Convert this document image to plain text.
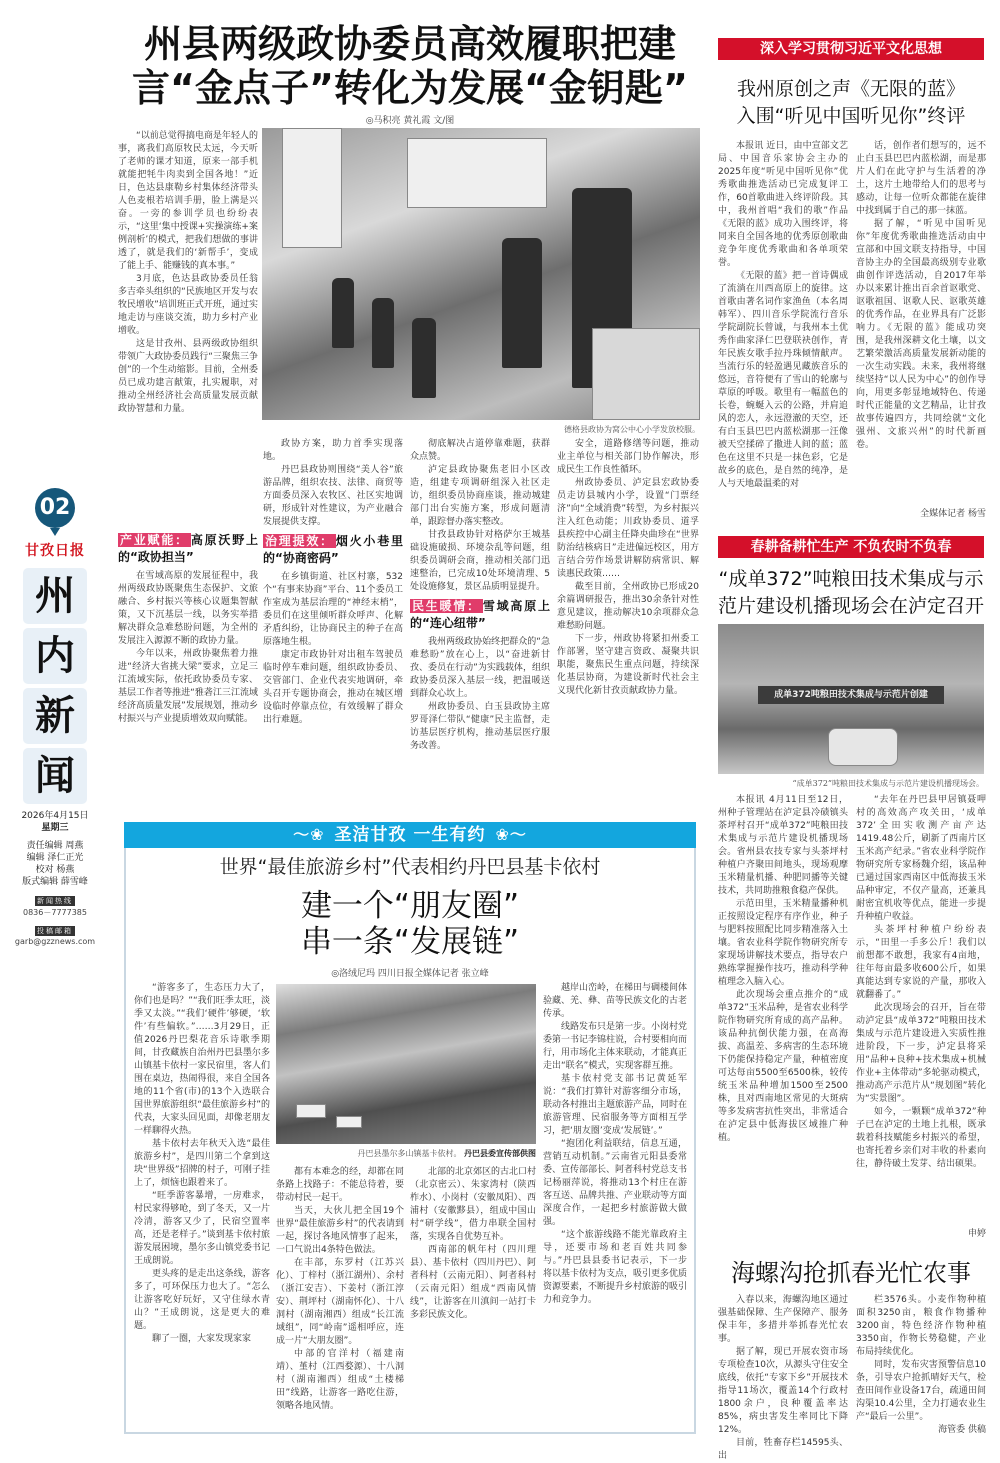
02
甘孜日报
州
内
新
闻
2026年4月15日
星期三
责任编辑 周燕
编辑 泽仁正光
校对 杨燕
版式编辑 薛雪峰
新闻热线
0836－7777385
投稿邮箱
garb@gzznews.com
州县两级政协委员高效履职把建
言“金点子”转化为发展“金钥匙”
◎马积亮 黄礼霞 文/图

“以前总觉得搞电商是年轻人的事，离我们高原牧民太远，今天听了老师的课才知道，原来一部手机就能把牦牛肉卖到全国各地！”近日，色达县康勒乡村集体经济带头人色麦根若培训手册，脸上满是兴奋。一旁的参训学员也纷纷表示，“这里‘集中授课+实操演练+案例剖析’的模式，把我们想做的事讲透了，就是我们的‘新帮手’，变成了能上手、能赚钱的真本事。”

3月底，色达县政协委员任翁多吉牵头组织的“民族地区开发与农牧民增收”培训班正式开班，通过实地走访与座谈交流，助力乡村产业增收。

这是甘孜州、县两级政协组织带领广大政协委员践行“三聚焦三争创”的一个生动缩影。目前，全州委员已成功建言献策，扎实履职，对推动全州经济社会高质量发展贡献政协智慧和力量。

产业赋能： 高原沃野上的“政协担当”

在雪域高原的发展征程中，我州两级政协既聚焦生态保护、文旅融合、乡村振兴等核心议题集智献策，又下沉基层一线，以务实举措解决群众急难愁盼问题，为全州的发展注入源源不断的政协力量。

今年以来，州政协聚焦着力推进“经济大省挑大梁”要求，立足三江流域实际，依托政协委员专家、基层工作者等推进“雅砻江三江流域经济高质量发展”发展规划，推动乡村振兴与产业提质增效双向赋能。

德格县政协为窝公中心小学发放校服。

政协方案，助力首季实现落地。

丹巴县政协则围绕“美人谷”旅游品牌，组织农技、法律、商贸等方面委员深入农牧区、社区实地调研，形成针对性建议，为产业融合发展提供支撑。

治理提效： 烟火小巷里的“协商密码”

在乡镇街道、社区村寨，532个“有事来协商”平台、11个委员工作室成为基层治理的“神经末梢”，委员们在这里倾听群众呼声、化解矛盾纠纷，让协商民主的种子在高原落地生根。

康定市政协针对出租车驾驶员临时停车难问题，组织政协委员、交管部门、企业代表实地调研，牵头召开专题协商会，推动在城区增设临时停靠点位，有效缓解了群众出行难题。

彻底解决占道停靠难题，获群众点赞。

泸定县政协聚焦老旧小区改造，组建专项调研组深入社区走访，组织委员协商座谈，推动城建部门出台实施方案，形成问题清单，跟踪督办落实整改。

甘孜县政协针对格萨尔王城基础设施破损、环境杂乱等问题，组织委员调研会商，推动相关部门迅速整治，已完成10处环境清理、5处设施修复，景区品质明显提升。

民生暖情： 雪域高原上的“连心纽带”

我州两级政协始终把群众的“急难愁盼”放在心上，以“奋进新甘孜、委员在行动”为实践载体，组织政协委员深入基层一线，把温暖送到群众心坎上。

州政协委员、白玉县政协主席罗哥泽仁带队“健康”民主监督，走访基层医疗机构，推动基层医疗服务改善。

安全，道路修缮等问题，推动业主单位与相关部门协作解决，形成民生工作良性循环。

州政协委员、泸定县宏政协委员走访县城内小学，设置“门票经济”向“全域消费”转型，为乡村振兴注入红色动能；川政协委员、道孚县疾控中心副主任降央曲珍在“世界防治结核病日”走进偏远校区，用方言结合劳作场景讲解防病常识、解读惠民政策……

截至目前，全州政协已形成20余篇调研报告，推出30余条针对性意见建议，推动解决10余项群众急难愁盼问题。

下一步，州政协将紧扣州委工作部署，坚守建言资政、凝聚共识职能，聚焦民生重点问题，持续深化基层协商，为建设新时代社会主义现代化新甘孜贡献政协力量。

深入学习贯彻习近平文化思想
我州原创之声《无限的蓝》
入围“听见中国听见你”终评

本报讯 近日，由中宣部文艺局、中国音乐家协会主办的2025年度“听见中国听见你”优秀歌曲推选活动已完成复评工作，60首歌曲进入终评阶段。其中，我州首唱“我们的歌”作品《无限的蓝》成功入围终评，将同来自全国各地的优秀原创歌曲竞争年度优秀歌曲和各单项荣誉。

《无限的蓝》把一首诗偶成了流淌在川西高原上的旋律。这首歌由著名词作家渔鱼（本名周韩军）、四川音乐学院流行音乐学院副院长曾诚，与我州本土优秀作曲家泽仁巴登联袂创作，青年民族女歌手拉丹珠倾情献声。当流行乐的轻盈遇见藏族音乐的悠远，音符便有了雪山的轮廓与草原的呼吸。歌里有一幅蓝色的长卷，蜿蜒入云的公路，并肩追风的恋人，永远澄澈的天空，还有白玉县巴巴内蓝松湖那一汪像被天空揉碎了撒进人间的蓝；蓝色在这里不只是一抹色彩，它是故乡的底色，是自然的纯净，是人与天地最温柔的对

话，创作者们想写的，远不止白玉县巴巴内蓝松湖，而是那片人们在此守护与生活着的净土，这片土地带给人们的思考与感动，让每一位听众都能在旋律中找到属于自己的那一抹蓝。

据了解，“听见中国听见你”年度优秀歌曲推选活动由中宣部和中国文联支持指导，中国音协主办的全国最高级别专业歌曲创作评选活动，自2017年举办以来累计推出百余首讴歌党、讴歌祖国、讴歌人民、讴歌英雄的优秀作品，在业界具有广泛影响力。《无限的蓝》能成功突围，是我州深耕文化土壤，以文艺繁荣激活高质量发展新动能的一次生动实践。未来，我州将继续坚持“以人民为中心”的创作导向，用更多彰显地域特色、传递时代正能量的文艺精品，让甘孜故事传遍四方，共同绘就“文化强州、文旅兴州”的时代新画卷。

全媒体记者 杨雪
春耕备耕忙生产 不负农时不负春
“成单372”吨粮田技术集成与示
范片建设机播现场会在泸定召开
成单372吨粮田技术集成与示范片创建
“成单372”吨粮田技术集成与示范片建设机播现场会。

本报讯 4月11日至12日，州种子管理站在泸定县冷碛镇头茶坪村召开“成单372”吨粮田技术集成与示范片建设机播现场会。省州县农技专家与头茶坪村种植户齐聚田间地头，现场观摩玉米精量机播、种肥同播等关键技术，共同助推粮食稳产保供。

示范田里，玉米精量播种机正按照设定程序有序作业，种子与肥料按照配比同步精准落入土壤。省农业科学院作物研究所专家现场讲解技术要点，指导农户熟练掌握操作技巧，推动科学种植理念入脑入心。

此次现场会重点推介的“成单372”玉米品种，是省农业科学院作物研究所育成的高产品种。该品种抗倒伏能力强，在高海拔、高温差、多病害的生态环境下仍能保持稳定产量，种植密度可达每亩5500至6500株，较传统玉米品种增加1500至2500株，且对西南地区常见的大斑病等多发病害抗性突出，非常适合在泸定县中低海拔区域推广种植。

“去年在丹巴县甲居镇聂呷村的高效高产攻关田，‘成单372’全田实收测产亩产达1419.48公斤，刷新了西南片区玉米高产纪录。”省农业科学院作物研究所专家杨魏介绍，该品种已通过国家西南区中低海拔玉米品种审定，不仅产量高，还兼具耐密宜机收等优点，能进一步提升种植户收益。

头茶坪村种植户纷纷表示，“田里一手多公斤！我们以前想都不敢想，我家有4亩地，往年每亩最多收600公斤，如果真能达到专家说的产量，那收入就翻番了。”

此次现场会的召开，旨在带动泸定县“成单372”吨粮田技术集成与示范片建设进入实质性推进阶段，下一步，泸定县将采用“品种+良种+技术集成+机械作业+主体带动”多轮驱动模式，推动高产示范片从“规划图”转化为“实景图”。

如今，一颗颗“成单372”种子已在泸定的土地上扎根，既承载着科技赋能乡村振兴的希望，也寄托着乡亲们对丰收的朴素向往，静待破土发芽、结出硕果。

申婷
海螺沟抢抓春光忙农事

入春以来，海螺沟地区通过强基础保障、生产保障产、服务保丰年，多措并举抓春光忙农事。

据了解，现已开展农资市场专项检查10次，从源头守住安全底线，依托“专家下乡”开展技术指导11场次，覆盖14个行政村1800余户，良种覆盖率达85%，病虫害发生率同比下降12%。

目前，牲畜存栏14595头、出

栏3576头。小麦作物种植面积3250亩，粮食作物播种3200亩，特色经济作物种植3350亩，作物长势稳健，产业布局持续优化。

同时，发布灾害预警信息10条，引导农户抢抓晴好天气，检查田间作业设备17台，疏通田间沟渠10.4公里，全力打通农业生产“最后一公里”。

海管委 供稿
〜❀ 圣洁甘孜 一生有约 ❀〜
世界“最佳旅游乡村”代表相约丹巴县基卡依村
建一个“朋友圈”
串一条“发展链”
◎洛绒尼玛 四川日报全媒体记者 张立峰

“游客多了，生态压力大了，你们也是吗？”“我们旺季太旺，淡季又太淡。”“我们‘硬件’够硬，‘软件’有些偏软。”……3月29日，正值2026丹巴梨花音乐诗歌季期间，甘孜藏族自治州丹巴县墨尔多山镇基卡依村一家民宿里，客人们围在桌边，热闹得很，来自全国各地的11个省(市)的13个入选联合国世界旅游组织“最佳旅游乡村”的代表，大家头回见面，却像老朋友一样聊得火热。

基卡依村去年秋天入选“最佳旅游乡村”，是四川第二个拿到这块“世界级”招牌的村子，可刚子挂上了，烦恼也跟着来了。

“旺季游客暴增，一房难求，村民家得够呛，到了冬天，又一片冷清，游客又少了，民宿空置率高，还是老样子。”谈到基卡依村旅游发展困境，墨尔多山镇党委书记王成朗说。

更头疼的是走出这条线，游客多了，可环保压力也大了。“怎么让游客吃好玩好，又守住绿水青山？”王成朗说，这是更大的难题。

聊了一圈，大家发现家家

丹巴县墨尔多山镇基卡依村。 丹巴县委宣传部供图

都有本难念的经，却都在同条路上找路子：不能总待着，要带动村民一起干。

当天，大伙儿把全国19个世界“最佳旅游乡村”的代表请到一起，探讨各地风情事了起来，一口气说出4条特色做法。

在丰部，东罗村（江苏兴化）、丁梓村（浙江湖州）、余村（浙江安吉）、下姜村（浙江淳安）、荆坪村（湖南怀化）、十八洞村（湖南湘西）组成“长江流域组”，同“岭南”遥相呼应，连成一片“大朋友圈”。

中部的官洋村（福建南靖）、堇村（江西婺源）、十八洞村（湖南湘西）组成“土楼梯田”线路，让游客一路吃住游，领略各地风情。

北部的北京郊区的古北口村（北京密云）、朱家湾村（陕西柞水）、小岗村（安徽凤阳）、西浦村（安徽黟县），组成中国山村“研学线”，借力串联全国村落，实现各自优势互补。

西南部的帆年村（四川理县）、基卡依村（四川丹巴）、阿者科村（云南元阳）、阿者科村（云南元阳）组成“西南风情线”，让游客在川滇间一站打卡多彩民族文化。

越岸山峦岭，在梯田与碉楼间体验藏、羌、彝、苗等民族文化的古老传承。

线路发布只是第一步。小岗村党委第一书记李锦柱说，合村要相向而行，用市场化主体来联动，才能真正走出“联名”模式，实现客群互推。

基卡依村党支部书记黄延军说：“我们打算针对游客细分市场，联动各村推出主题旅游产品，同时在旅游管理、民宿服务等方面相互学习，把‘朋友圈’变成‘发展链’。”

“抱团化利益联结，信息互通，营销互动机制。”云南省元阳县委常委、宣传部部长、阿者科村党总支书记杨丽萍说，将推动13个村庄在游客互送、品牌共推、产业联动等方面深度合作，一起把乡村旅游做大做强。

“这个旅游线路不能光靠政府主导，还要市场和老百姓共同参与。”丹巴县县委书记表示，下一步将以基卡依村为支点，吸引更多优质资源要素，不断提升乡村旅游的吸引力和竞争力。
